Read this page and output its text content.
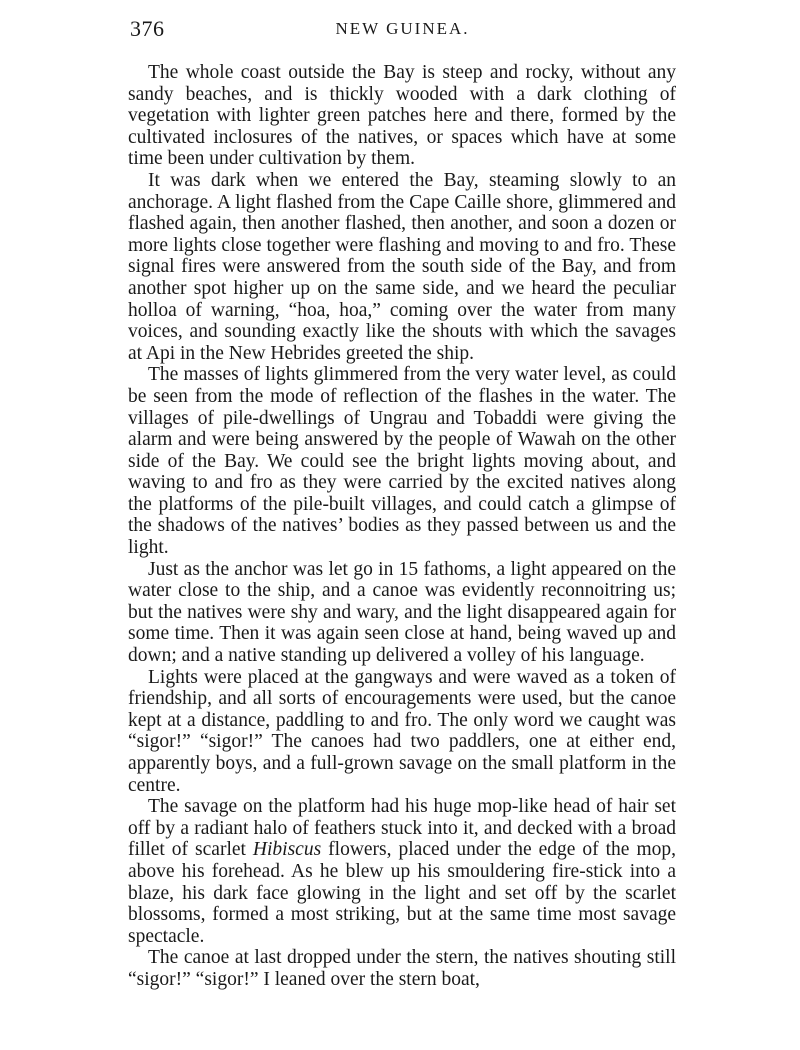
376	NEW GUINEA.

The whole coast outside the Bay is steep and rocky, without any sandy beaches, and is thickly wooded with a dark clothing of vegetation with lighter green patches here and there, formed by the cultivated inclosures of the natives, or spaces which have at some time been under cultivation by them.

It was dark when we entered the Bay, steaming slowly to an anchorage. A light flashed from the Cape Caille shore, glimmered and flashed again, then another flashed, then another, and soon a dozen or more lights close together were flashing and moving to and fro. These signal fires were answered from the south side of the Bay, and from another spot higher up on the same side, and we heard the peculiar holloa of warning, “hoa, hoa,” coming over the water from many voices, and sounding exactly like the shouts with which the savages at Api in the New Hebrides greeted the ship.

The masses of lights glimmered from the very water level, as could be seen from the mode of reflection of the flashes in the water. The villages of pile-dwellings of Ungrau and Tobaddi were giving the alarm and were being answered by the people of Wawah on the other side of the Bay. We could see the bright lights moving about, and waving to and fro as they were carried by the excited natives along the platforms of the pile-built villages, and could catch a glimpse of the shadows of the natives’ bodies as they passed between us and the light.

Just as the anchor was let go in 15 fathoms, a light appeared on the water close to the ship, and a canoe was evidently reconnoitring us; but the natives were shy and wary, and the light disappeared again for some time. Then it was again seen close at hand, being waved up and down; and a native standing up delivered a volley of his language.

Lights were placed at the gangways and were waved as a token of friendship, and all sorts of encouragements were used, but the canoe kept at a distance, paddling to and fro. The only word we caught was “sigor!” “sigor!” The canoes had two paddlers, one at either end, apparently boys, and a full-grown savage on the small platform in the centre.

The savage on the platform had his huge mop-like head of hair set off by a radiant halo of feathers stuck into it, and decked with a broad fillet of scarlet Hibiscus flowers, placed under the edge of the mop, above his forehead. As he blew up his smouldering fire-stick into a blaze, his dark face glowing in the light and set off by the scarlet blossoms, formed a most striking, but at the same time most savage spectacle.

The canoe at last dropped under the stern, the natives shouting still “sigor!” “sigor!” I leaned over the stern boat,
